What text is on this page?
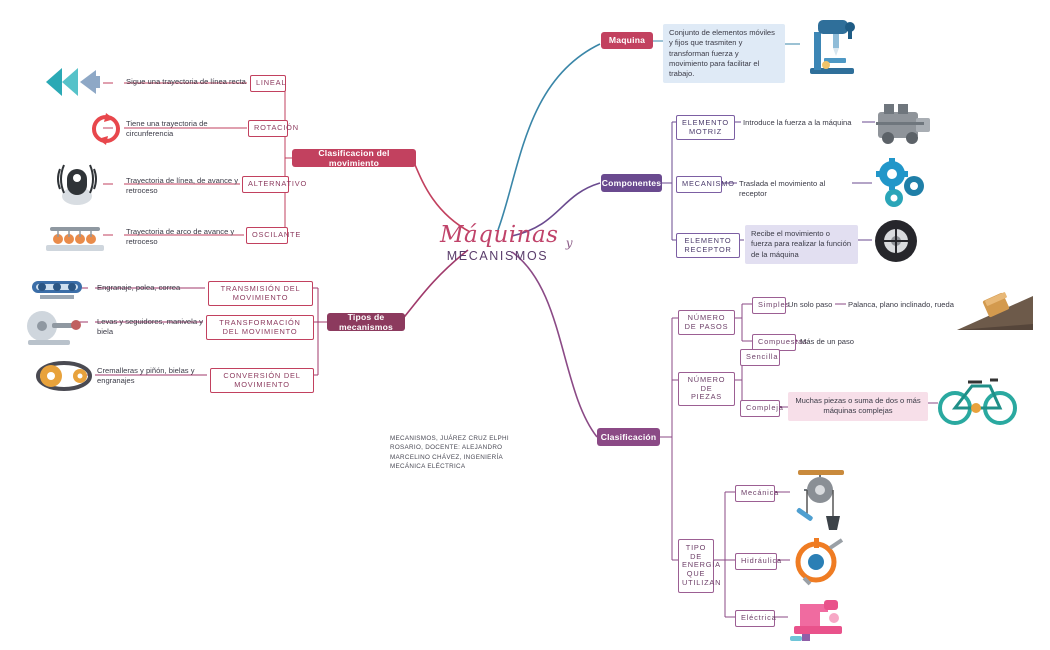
Máquinas y
MECANISMOS
Maquina
Conjunto de elementos móviles y fijos que trasmiten y transforman fuerza y movimiento para facilitar el trabajo.
Componentes
ELEMENTO MOTRIZ
Introduce la fuerza a la máquina
MECANISMO Traslada el movimiento al receptor
ELEMENTO RECEPTOR
Recibe el movimiento o fuerza para realizar la función de la máquina
Clasificación
NÚMERO DE PASOS
Simples
Un solo paso	Palanca, plano inclinado, rueda
Compuestas
Más de un paso
NÚMERO DE PIEZAS
Sencilla
Compleja
Muchas piezas o suma de dos o más máquinas complejas
TIPO DE ENERGÍA QUE UTILIZAN
Mecánica
Hidráulica
Eléctrica
Clasificacion del movimiento
Sigue una trayectoria de línea recta	LINEAL
Tiene una trayectoria de circunferencia
ROTACIÓN
Trayectoria de línea, de avance y retroceso
ALTERNATIVO
Trayectoria de arco de avance y retroceso
OSCILANTE
Tipos de mecanismos
Engranaje, polea, correa	TRANSMISIÓN DEL MOVIMIENTO
Levas y seguidores, manivela y biela
TRANSFORMACIÓN DEL MOVIMIENTO
Cremalleras y piñón, bielas y engranajes
CONVERSIÓN DEL MOVIMIENTO
MECANISMOS, JUÁREZ CRUZ ELPHI ROSARIO, DOCENTE: ALEJANDRO MARCELINO CHÁVEZ, INGENIERÍA MECÁNICA ELÉCTRICA
